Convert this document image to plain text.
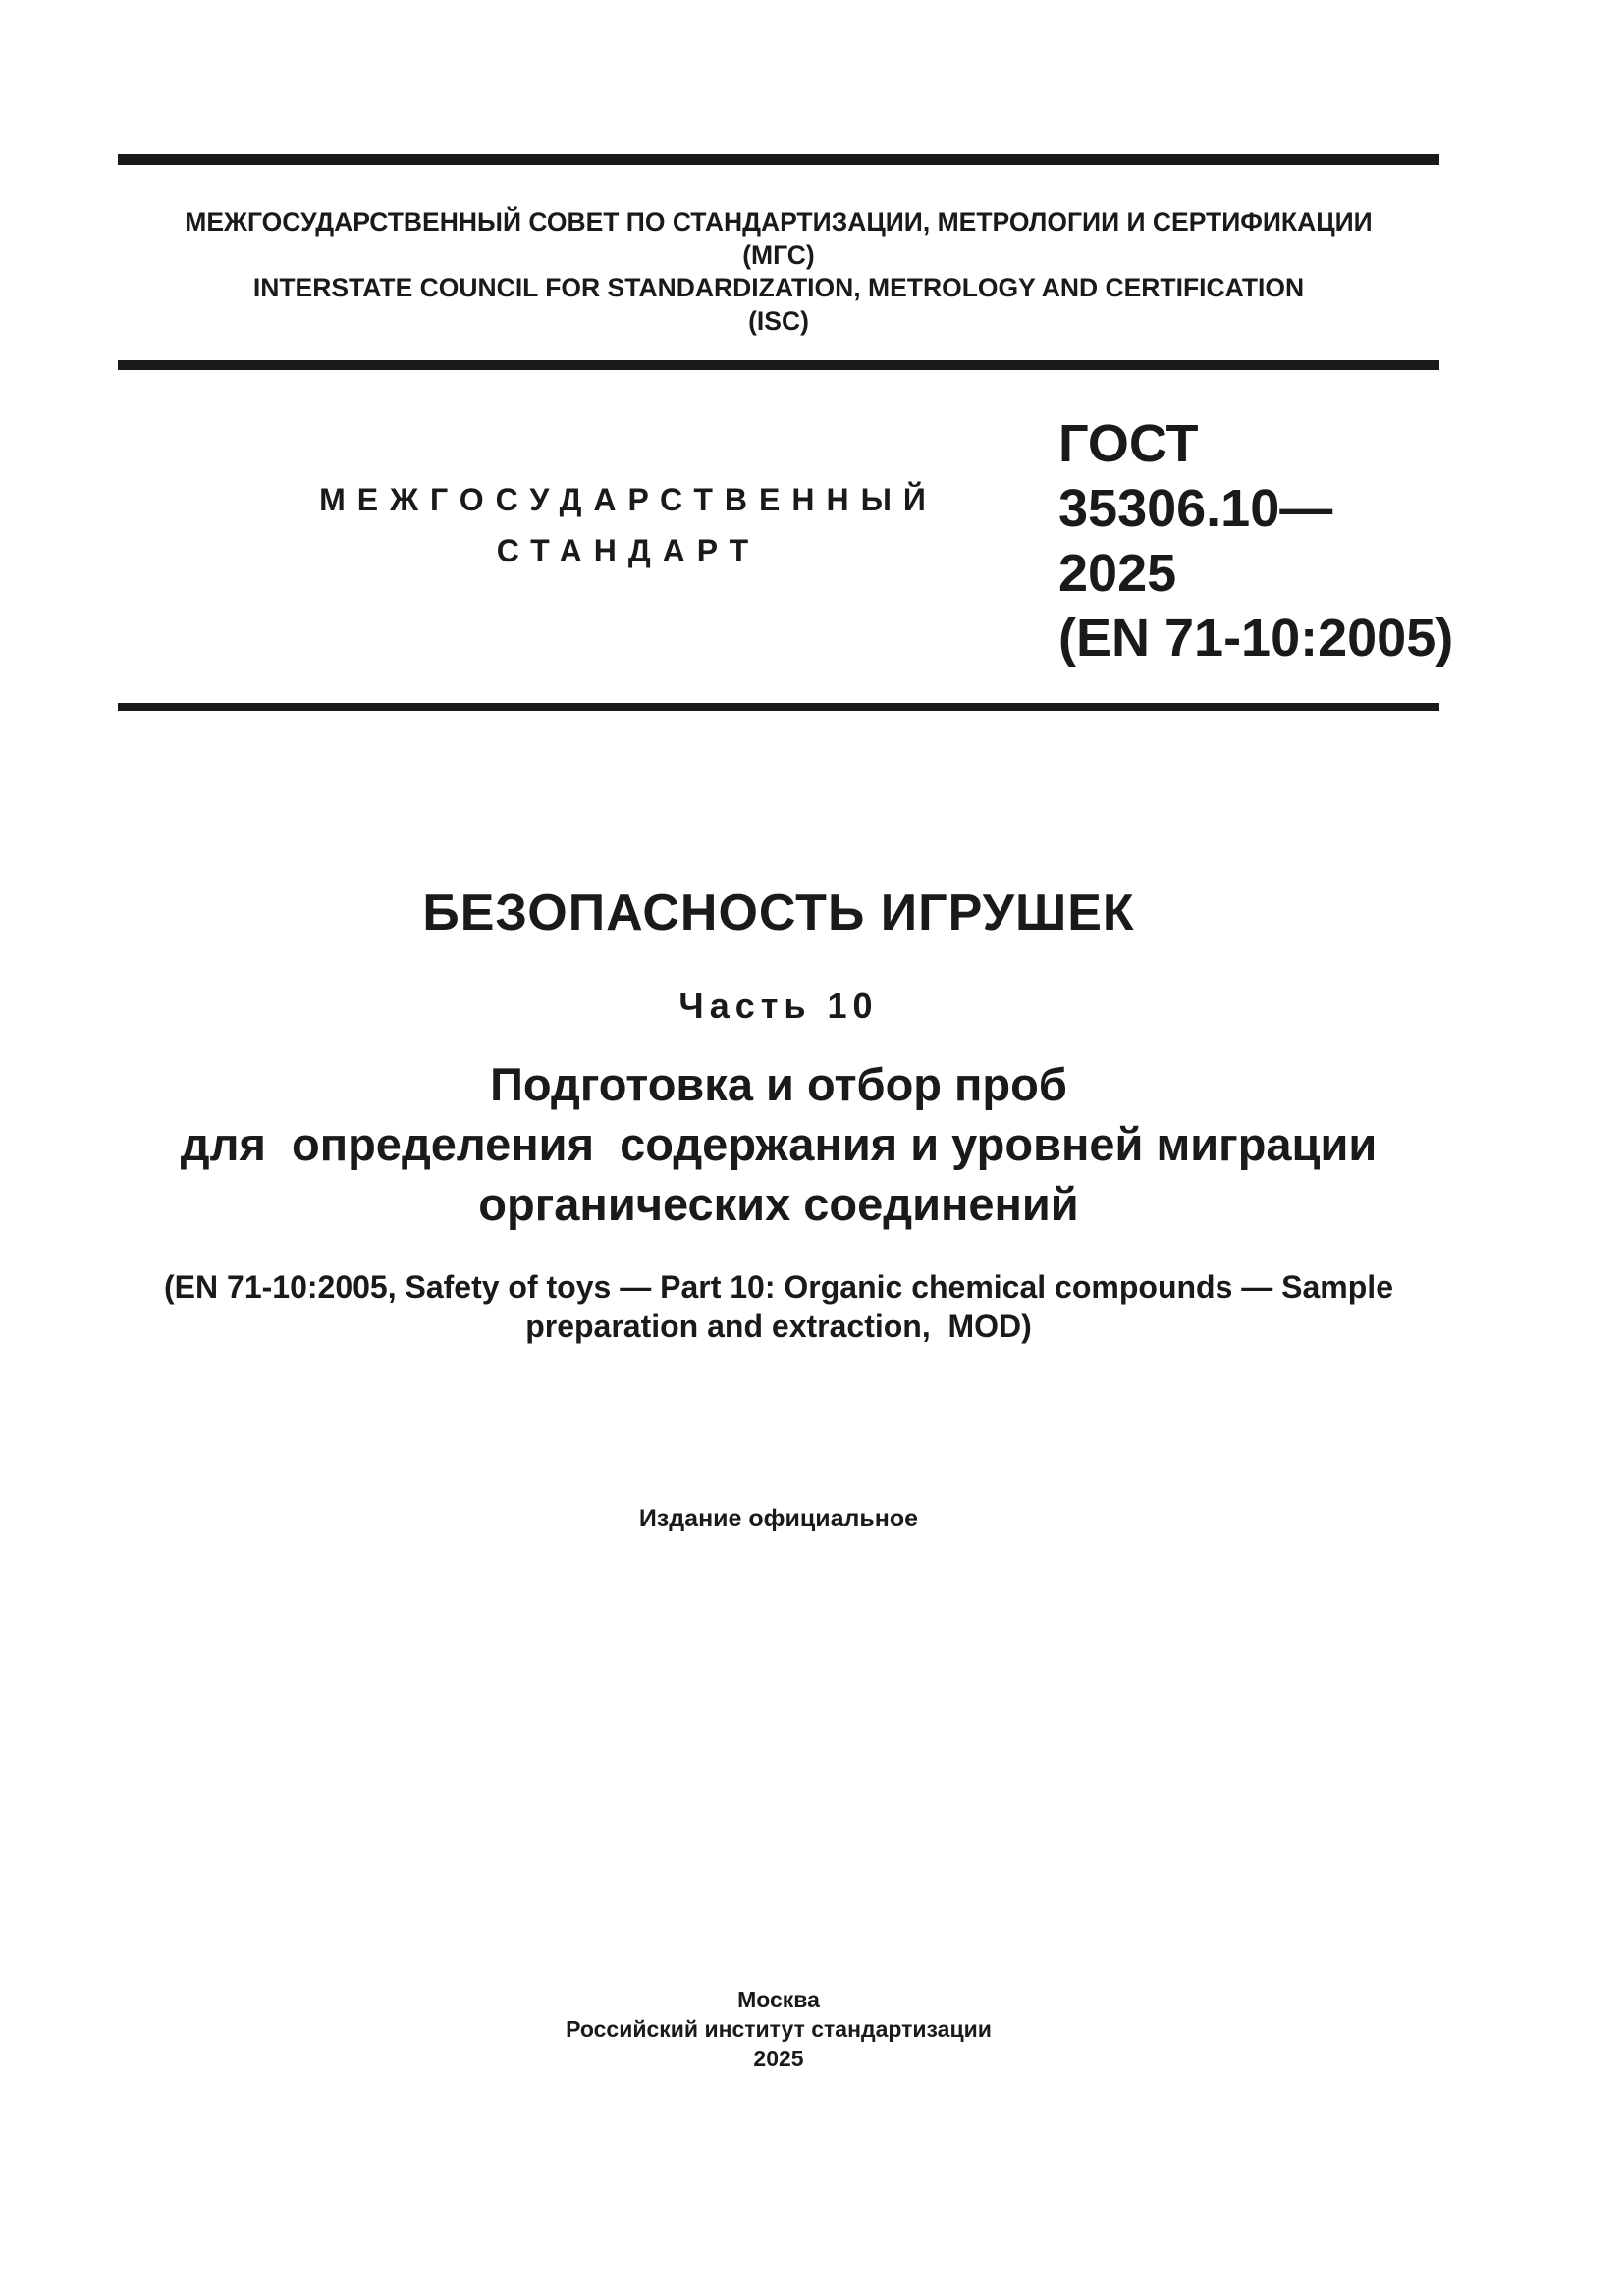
МЕЖГОСУДАРСТВЕННЫЙ СОВЕТ ПО СТАНДАРТИЗАЦИИ, МЕТРОЛОГИИ И СЕРТИФИКАЦИИ
(МГС)
INTERSTATE COUNCIL FOR STANDARDIZATION, METROLOGY AND CERTIFICATION
(ISC)
МЕЖГОСУДАРСТВЕННЫЙ
СТАНДАРТ
ГОСТ
35306.10—
2025
(EN 71-10:2005)
БЕЗОПАСНОСТЬ ИГРУШЕК
Часть 10
Подготовка и отбор проб
для  определения  содержания и уровней миграции
органических соединений
(EN 71-10:2005, Safety of toys — Part 10: Organic chemical compounds — Sample
preparation and extraction,  MOD)
Издание официальное
Москва
Российский институт стандартизации
2025
